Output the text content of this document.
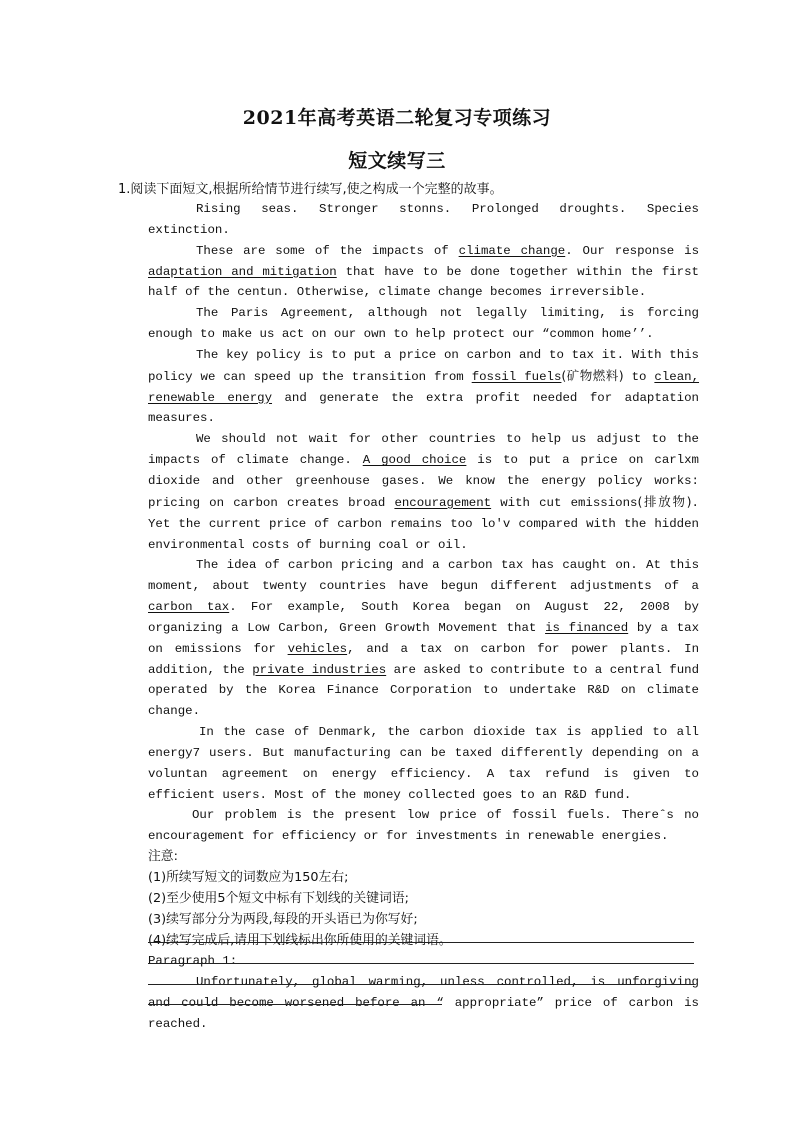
2021年高考英语二轮复习专项练习
短文续写三
1.阅读下面短文,根据所给情节进行续写,使之构成一个完整的故事。

Rising seas. Stronger stonns. Prolonged droughts. Species extinction.

These are some of the impacts of climate change. Our response is adaptation and mitigation that have to be done together within the first half of the centun. Otherwise, climate change becomes irreversible.

The Paris Agreement, although not legally limiting, is forcing enough to make us act on our own to help protect our “common home’’.

The key policy is to put a price on carbon and to tax it. With this policy we can speed up the transition from fossil fuels(矿物燃料) to clean, renewable energy and generate the extra profit needed for adaptation measures.

We should not wait for other countries to help us adjust to the impacts of climate change. A good choice is to put a price on carlxm dioxide and other greenhouse gases. We know the energy policy works: pricing on carbon creates broad encouragement with cut emissions(排放物). Yet the current price of carbon remains too lo'v compared with the hidden environmental costs of burning coal or oil.

The idea of carbon pricing and a carbon tax has caught on. At this moment, about twenty countries have begun different adjustments of a carbon tax. For example, South Korea began on August 22, 2008 by organizing a Low Carbon, Green Growth Movement that is financed by a tax on emissions for vehicles, and a tax on carbon for power plants. In addition, the private industries are asked to contribute to a central fund operated by the Korea Finance Corporation to undertake R&D on climate change.

In the case of Denmark, the carbon dioxide tax is applied to all energy7 users. But manufacturing can be taxed differently depending on a voluntan agreement on energy efficiency. A tax refund is given to efficient users. Most of the money collected goes to an R&D fund.

Our problem is the present low price of fossil fuels. Thereˆs no encouragement for efficiency or for investments in renewable energies.

注意:
(1)所续写短文的词数应为150左右;
(2)至少使用5个短文中标有下划线的关键词语;
(3)续写部分分为两段,每段的开头语已为你写好;
(4)续写完成后,请用下划线标出你所使用的关键词语。

Paragraph 1:

Unfortunately, global warming, unless controlled, is unforgiving and could become worsened before an “ appropriate” price of carbon is reached.
